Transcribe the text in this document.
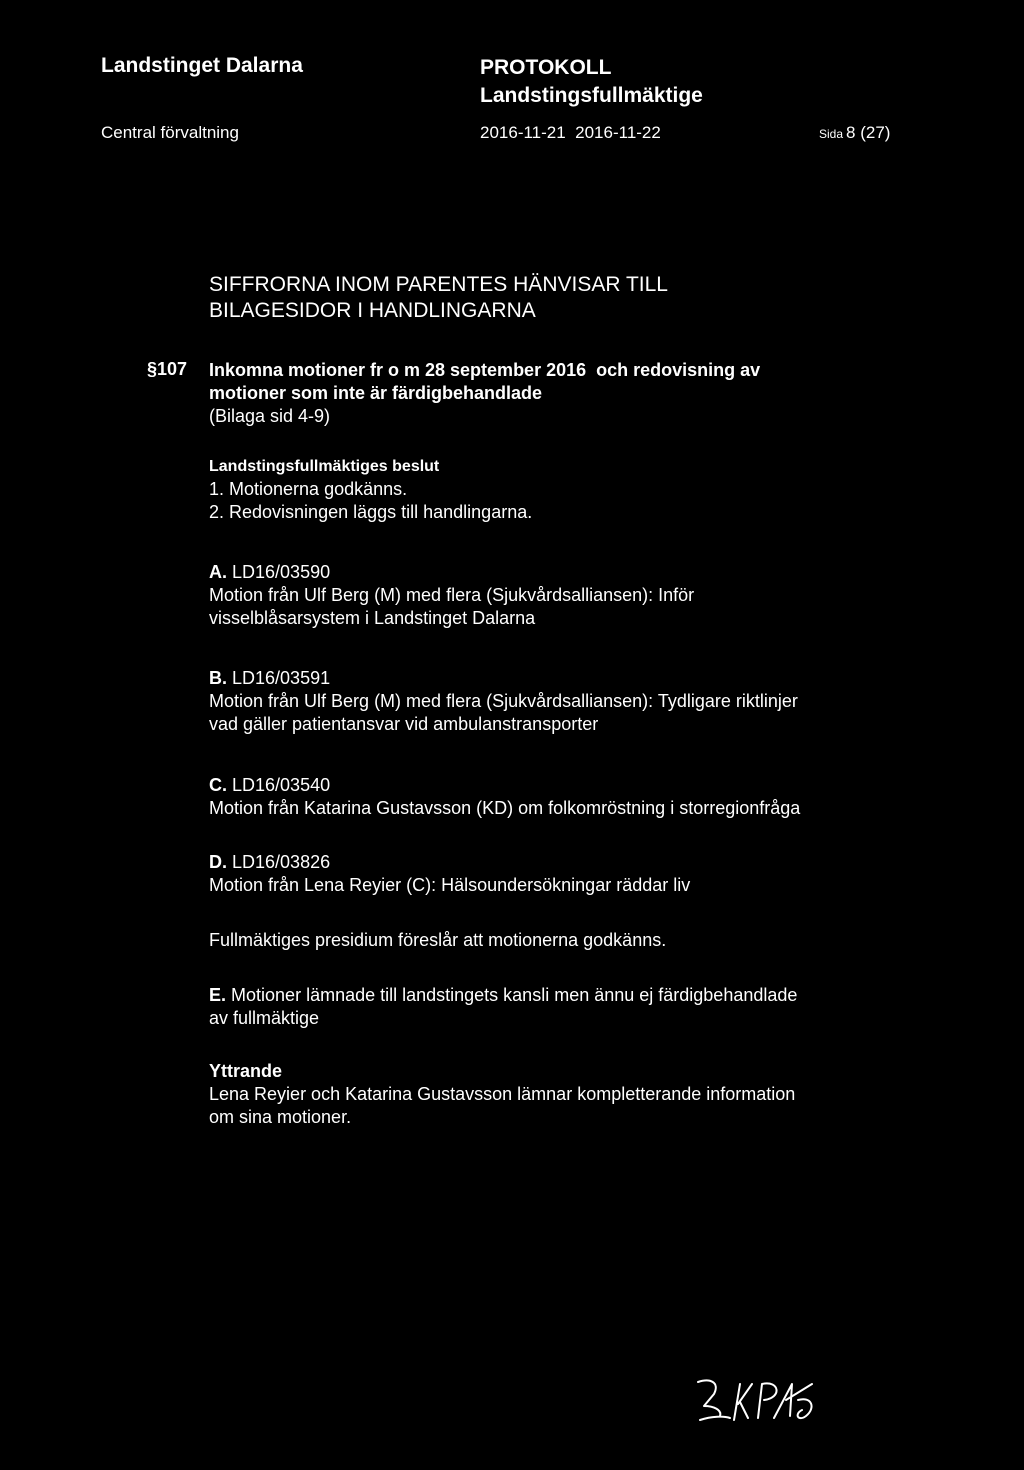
Landstinget Dalarna	PROTOKOLL
Landstingsfullmäktige
Central förvaltning	2016-11-21  2016-11-22	Sida 8 (27)
SIFFRORNA INOM PARENTES HÄNVISAR TILL
BILAGESIDOR I HANDLINGARNA
§107 Inkomna motioner fr o m 28 september 2016  och redovisning av
motioner som inte är färdigbehandlade
(Bilaga sid 4-9)
Landstingsfullmäktiges beslut
1. Motionerna godkänns.
2. Redovisningen läggs till handlingarna.
A. LD16/03590
Motion från Ulf Berg (M) med flera (Sjukvårdsalliansen): Inför
visselblåsarsystem i Landstinget Dalarna
B. LD16/03591
Motion från Ulf Berg (M) med flera (Sjukvårdsalliansen): Tydligare riktlinjer
vad gäller patientansvar vid ambulanstransporter
C. LD16/03540
Motion från Katarina Gustavsson (KD) om folkomröstning i storregionfråga
D. LD16/03826
Motion från Lena Reyier (C): Hälsoundersökningar räddar liv
Fullmäktiges presidium föreslår att motionerna godkänns.
E. Motioner lämnade till landstingets kansli men ännu ej färdigbehandlade
av fullmäktige
Yttrande
Lena Reyier och Katarina Gustavsson lämnar kompletterande information
om sina motioner.
